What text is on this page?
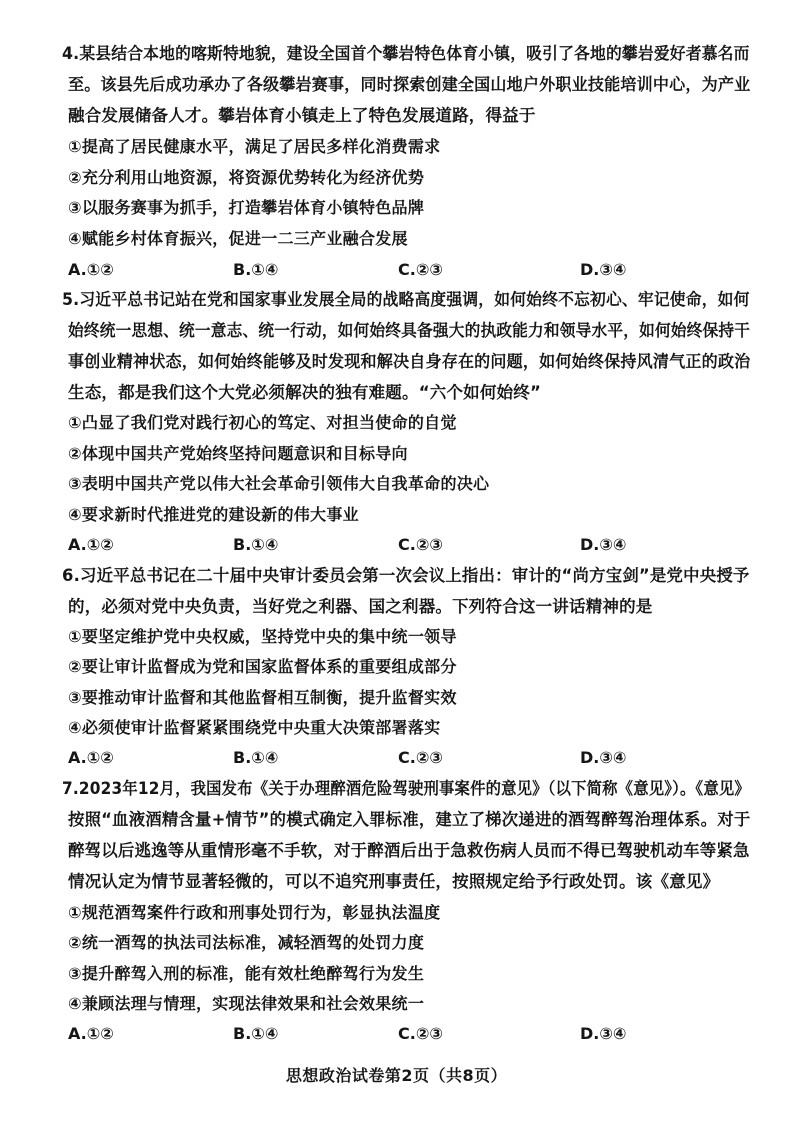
4.某县结合本地的喀斯特地貌，建设全国首个攀岩特色体育小镇，吸引了各地的攀岩爱好者慕名而
至。该县先后成功承办了各级攀岩赛事，同时探索创建全国山地户外职业技能培训中心，为产业
融合发展储备人才。攀岩体育小镇走上了特色发展道路，得益于
①提高了居民健康水平，满足了居民多样化消费需求
②充分利用山地资源，将资源优势转化为经济优势
③以服务赛事为抓手，打造攀岩体育小镇特色品牌
④赋能乡村体育振兴，促进一二三产业融合发展
A.①②	B.①④	C.②③	D.③④
5.习近平总书记站在党和国家事业发展全局的战略高度强调，如何始终不忘初心、牢记使命，如何
始终统一思想、统一意志、统一行动，如何始终具备强大的执政能力和领导水平，如何始终保持干
事创业精神状态，如何始终能够及时发现和解决自身存在的问题，如何始终保持风清气正的政治
生态，都是我们这个大党必须解决的独有难题。“六个如何始终”
①凸显了我们党对践行初心的笃定、对担当使命的自觉
②体现中国共产党始终坚持问题意识和目标导向
③表明中国共产党以伟大社会革命引领伟大自我革命的决心
④要求新时代推进党的建设新的伟大事业
A.①②	B.①④	C.②③	D.③④
6.习近平总书记在二十届中央审计委员会第一次会议上指出：审计的“尚方宝剑”是党中央授予
的，必须对党中央负责，当好党之利器、国之利器。下列符合这一讲话精神的是
①要坚定维护党中央权威，坚持党中央的集中统一领导
②要让审计监督成为党和国家监督体系的重要组成部分
③要推动审计监督和其他监督相互制衡，提升监督实效
④必须使审计监督紧紧围绕党中央重大决策部署落实
A.①②	B.①④	C.②③	D.③④
7.2023年12月，我国发布《关于办理醉酒危险驾驶刑事案件的意见》（以下简称《意见》）。《意见》
按照“血液酒精含量+情节”的模式确定入罪标准，建立了梯次递进的酒驾醉驾治理体系。对于
醉驾以后逃逸等从重情形毫不手软，对于醉酒后出于急救伤病人员而不得已驾驶机动车等紧急
情况认定为情节显著轻微的，可以不追究刑事责任，按照规定给予行政处罚。该《意见》
①规范酒驾案件行政和刑事处罚行为，彰显执法温度
②统一酒驾的执法司法标准，减轻酒驾的处罚力度
③提升醉驾入刑的标准，能有效杜绝醉驾行为发生
④兼顾法理与情理，实现法律效果和社会效果统一
A.①②	B.①④	C.②③	D.③④
思想政治试卷第2页（共8页）
